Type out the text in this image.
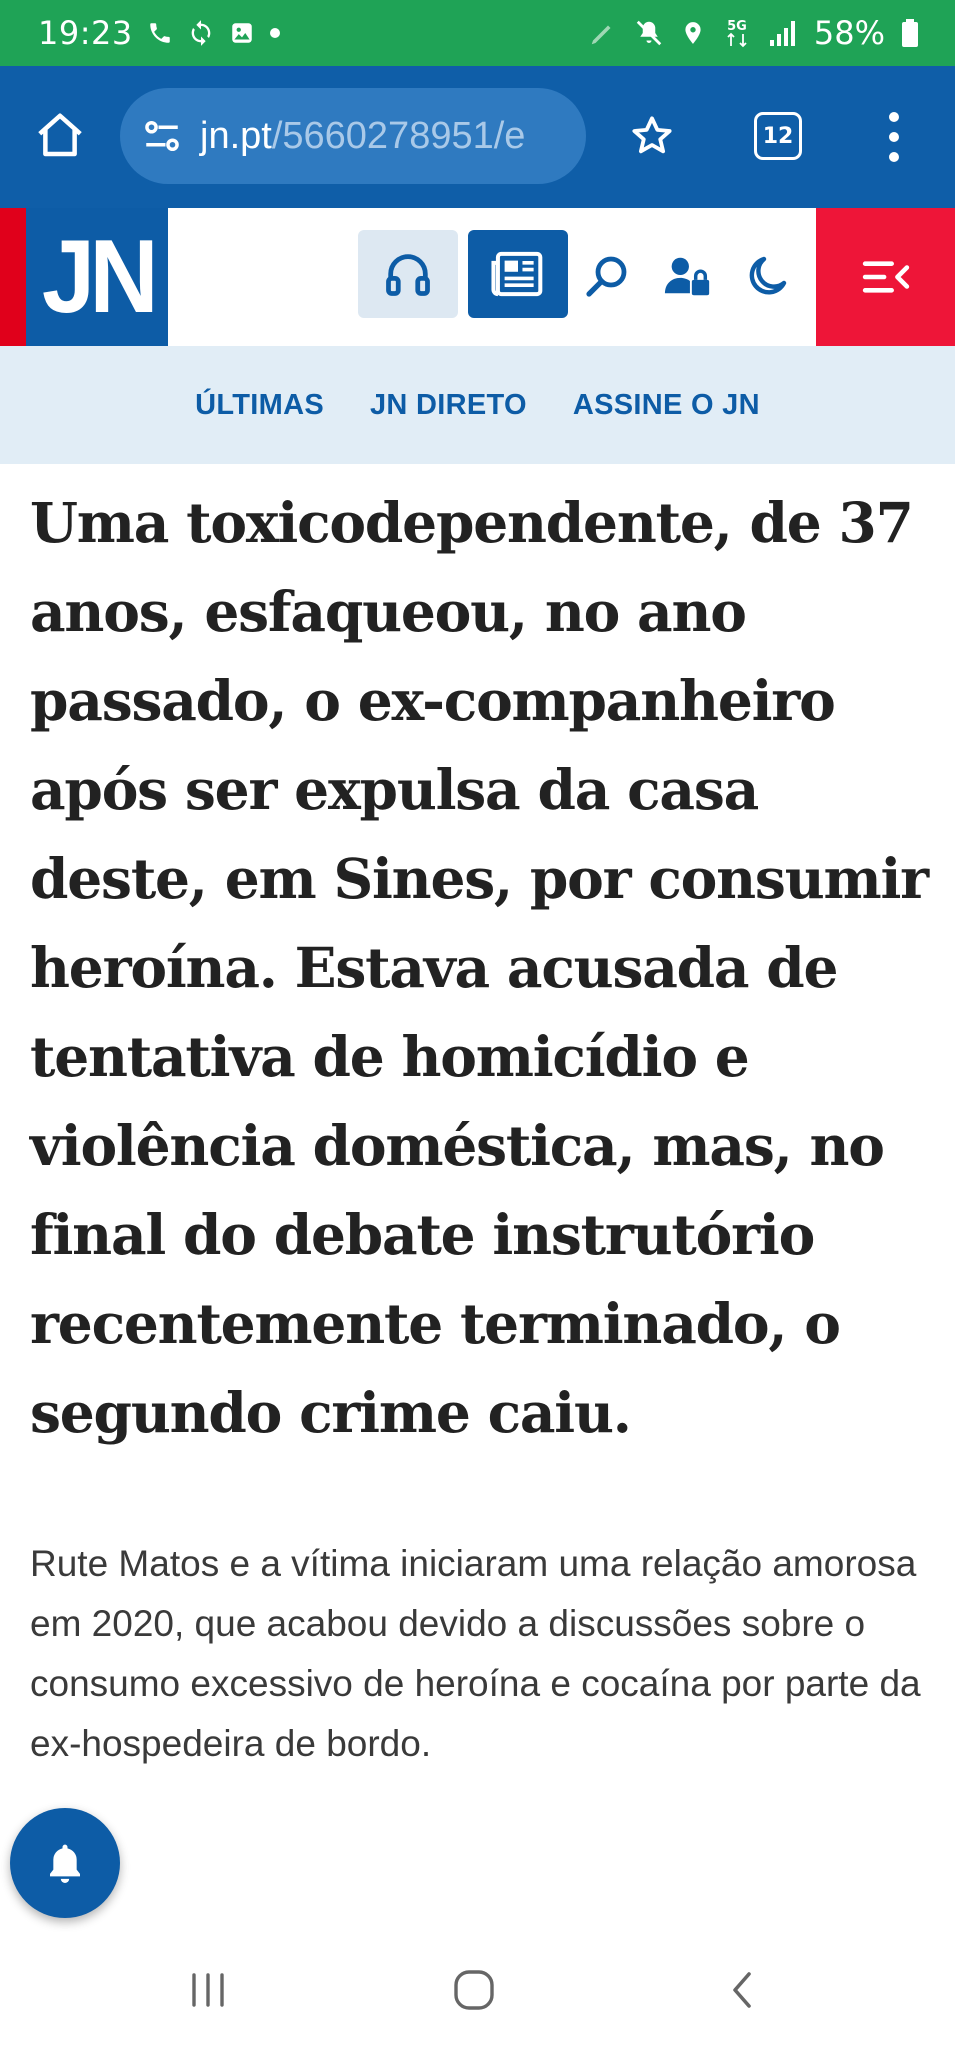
19:23	5G 58%
jn.pt/5660278951/e	12
JN
ÚLTIMAS JN DIRETO ASSINE O JN
Uma toxicodependente, de 37 anos, esfaqueou, no ano passado, o ex-companheiro após ser expulsa da casa deste, em Sines, por consumir heroína. Estava acusada de tentativa de homicídio e violência doméstica, mas, no final do debate instrutório recentemente terminado, o segundo crime caiu.

Rute Matos e a vítima iniciaram uma relação amorosa em 2020, que acabou devido a discussões sobre o consumo excessivo de heroína e cocaína por parte da ex-hospedeira de bordo.
